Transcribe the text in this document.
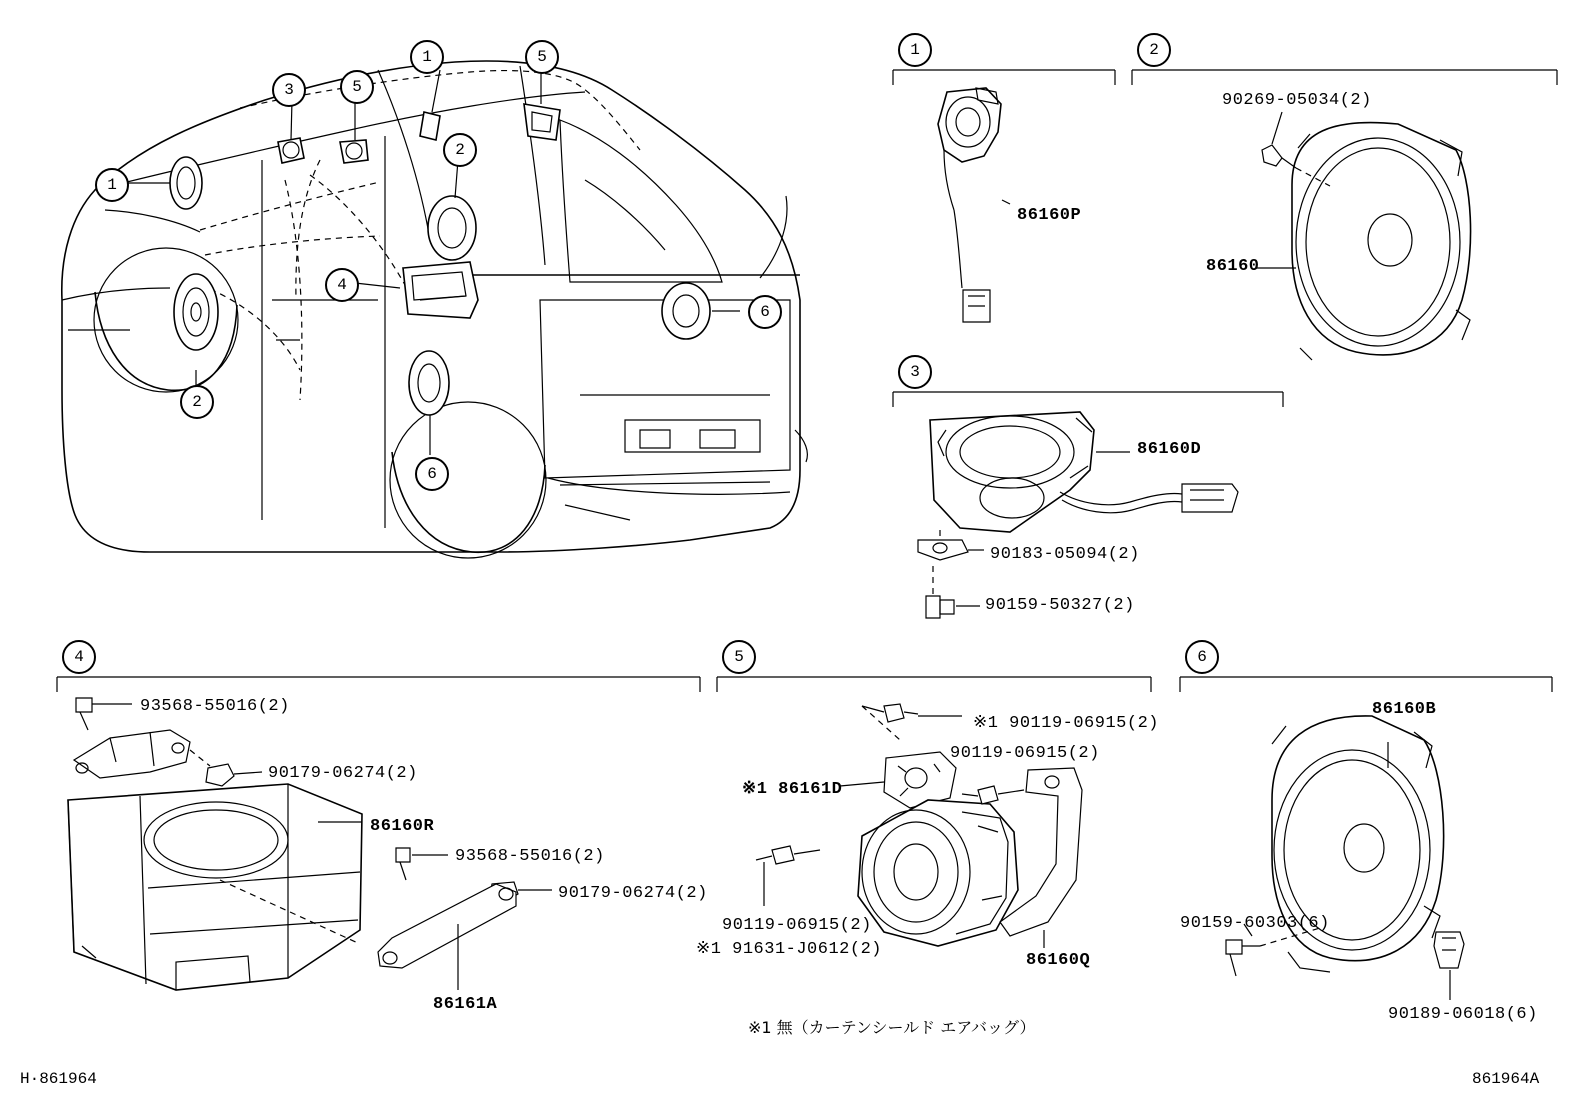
1	5
3	5
2
1
4
6
2
6
1	2
3
4	5	6
86160P
90269-05034(2)
86160
86160D
90183-05094(2)
90159-50327(2)
93568-55016(2)
90179-06274(2)
86160R
93568-55016(2)
90179-06274(2)
86161A
※1 90119-06915(2)
90119-06915(2)
※1 86161D
90119-06915(2)
※1 91631-J0612(2)
86160Q
86160B
90159-60303(6)
90189-06018(6)
※1 無（カーテンシールド エアバッグ）
H·861964	861964A
